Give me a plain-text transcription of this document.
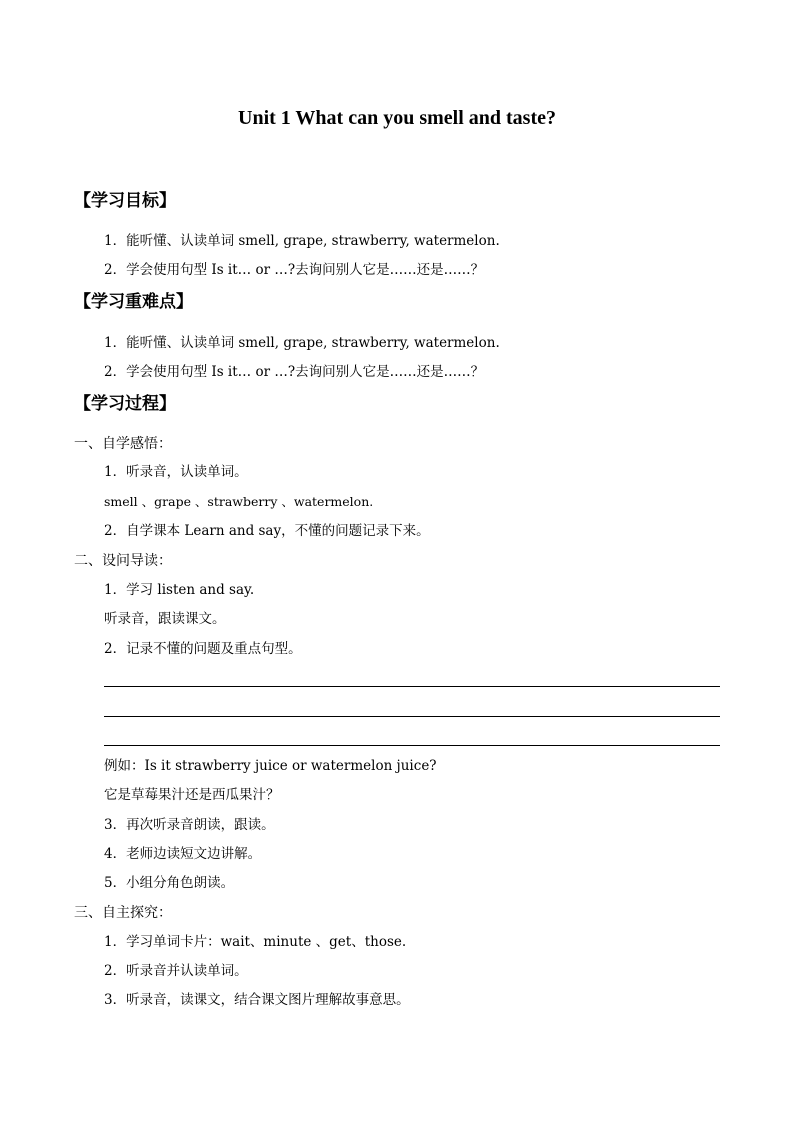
Unit 1 What can you smell and taste?
【学习目标】
1．能听懂、认读单词 smell, grape, strawberry, watermelon.
2．学会使用句型 Is it… or …?去询问别人它是……还是……？
【学习重难点】
1．能听懂、认读单词 smell, grape, strawberry, watermelon.
2．学会使用句型 Is it… or …?去询问别人它是……还是……？
【学习过程】
一、自学感悟：
1．听录音，认读单词。
smell 、grape 、strawberry 、watermelon.
2．自学课本 Learn and say，不懂的问题记录下来。
二、设问导读：
1．学习 listen and say.
听录音，跟读课文。
2．记录不懂的问题及重点句型。
例如：Is it strawberry juice or watermelon juice?
它是草莓果汁还是西瓜果汁？
3．再次听录音朗读，跟读。
4．老师边读短文边讲解。
5．小组分角色朗读。
三、自主探究：
1．学习单词卡片：wait、minute 、get、those.
2．听录音并认读单词。
3．听录音，读课文，结合课文图片理解故事意思。
